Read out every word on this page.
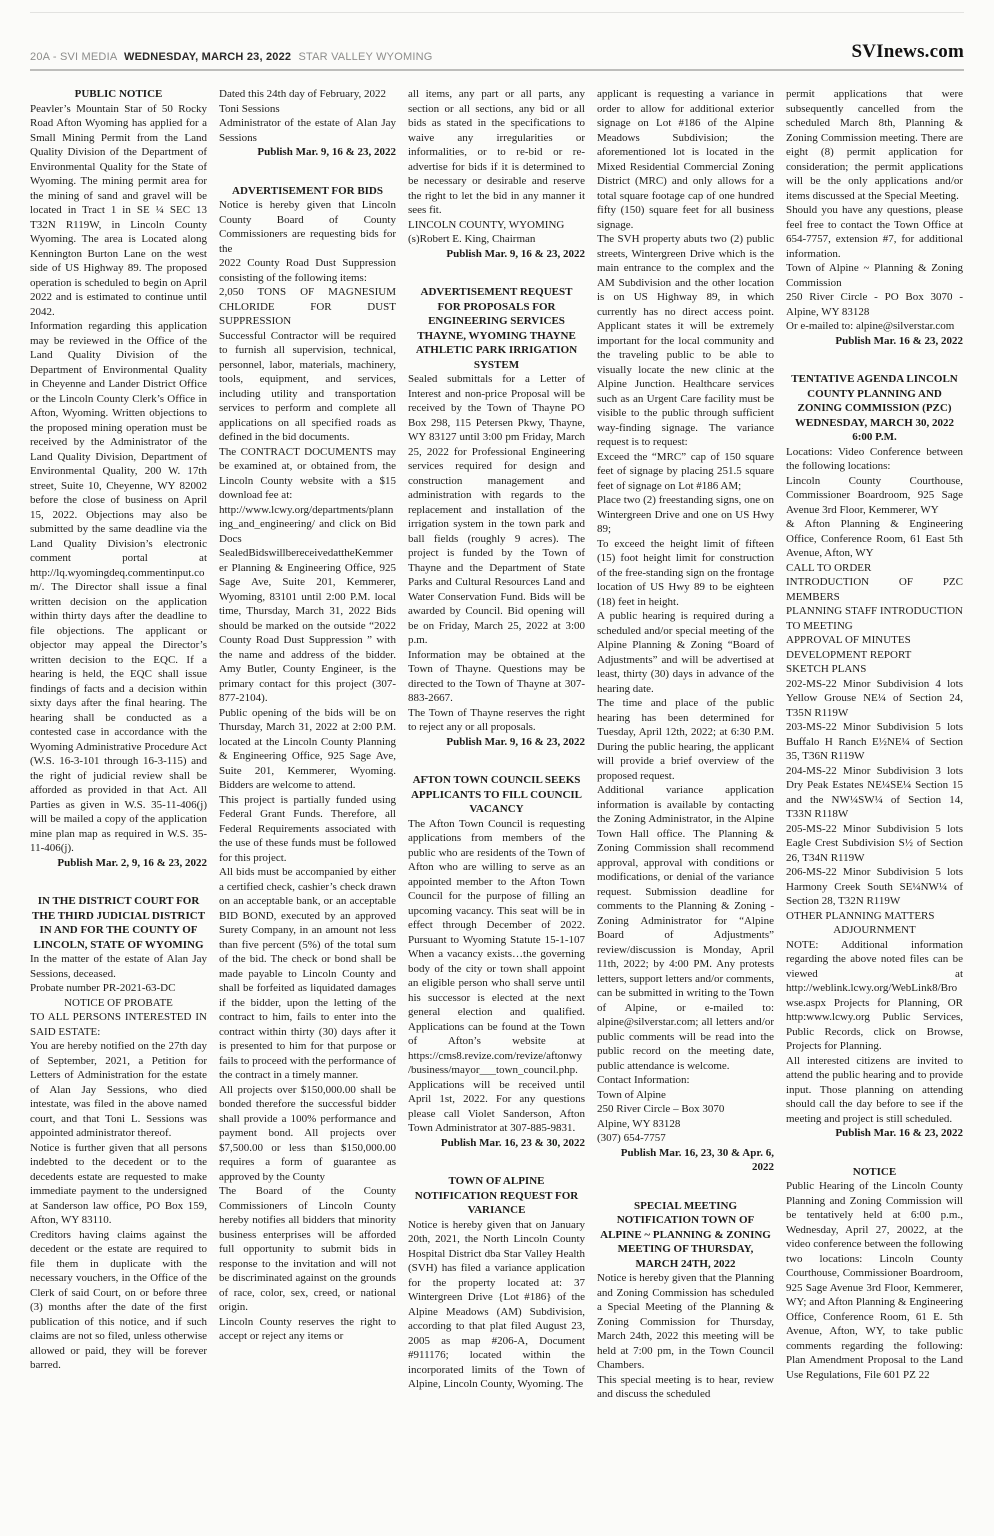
20A - SVI MEDIA WEDNESDAY, MARCH 23, 2022 STAR VALLEY WYOMING	SVInews.com

PUBLIC NOTICE

Peavler’s Mountain Star of 50 Rocky Road Afton Wyoming has applied for a Small Mining Permit from the Land Quality Division of the Department of Environmental Quality for the State of Wyoming. The mining permit area for the mining of sand and gravel will be located in Tract 1 in SE ¼ SEC 13 T32N R119W, in Lincoln County Wyoming. The area is Located along Kennington Burton Lane on the west side of US Highway 89. The proposed operation is scheduled to begin on April 2022 and is estimated to continue until 2042.

Information regarding this application may be reviewed in the Office of the Land Quality Division of the Department of Environmental Quality in Cheyenne and Lander District Office or the Lincoln County Clerk’s Office in Afton, Wyoming. Written objections to the proposed mining operation must be received by the Administrator of the Land Quality Division, Department of Environmental Quality, 200 W. 17th street, Suite 10, Cheyenne, WY 82002 before the close of business on April 15, 2022. Objections may also be submitted by the same deadline via the Land Quality Division’s electronic comment portal at http://lq.wyomingdeq.commentinput.com/. The Director shall issue a final written decision on the application within thirty days after the deadline to file objections. The applicant or objector may appeal the Director’s written decision to the EQC. If a hearing is held, the EQC shall issue findings of facts and a decision within sixty days after the final hearing. The hearing shall be conducted as a contested case in accordance with the Wyoming Administrative Procedure Act (W.S. 16-3-101 through 16-3-115) and the right of judicial review shall be afforded as provided in that Act. All Parties as given in W.S. 35-11-406(j) will be mailed a copy of the application mine plan map as required in W.S. 35-11-406(j).

Publish Mar. 2, 9, 16 & 23, 2022

IN THE DISTRICT COURT FOR THE THIRD JUDICIAL DISTRICT IN AND FOR THE COUNTY OF LINCOLN, STATE OF WYOMING

In the matter of the estate of Alan Jay Sessions, deceased.

Probate number PR-2021-63-DC

NOTICE OF PROBATE

TO ALL PERSONS INTERESTED IN SAID ESTATE:

You are hereby notified on the 27th day of September, 2021, a Petition for Letters of Administration for the estate of Alan Jay Sessions, who died intestate, was filed in the above named court, and that Toni L. Sessions was appointed administrator thereof.

Notice is further given that all persons indebted to the decedent or to the decedents estate are requested to make immediate payment to the undersigned at Sanderson law office, PO Box 159, Afton, WY 83110.

Creditors having claims against the decedent or the estate are required to file them in duplicate with the necessary vouchers, in the Office of the Clerk of said Court, on or before three (3) months after the date of the first publication of this notice, and if such claims are not so filed, unless otherwise allowed or paid, they will be forever barred.

Dated this 24th day of February, 2022

Toni Sessions

Administrator of the estate of Alan Jay Sessions

Publish Mar. 9, 16 & 23, 2022

ADVERTISEMENT FOR BIDS

Notice is hereby given that Lincoln County Board of County Commissioners are requesting bids for the

2022 County Road Dust Suppression consisting of the following items:

2,050 TONS OF MAGNESIUM CHLORIDE FOR DUST SUPPRESSION

Successful Contractor will be required to furnish all supervision, technical, personnel, labor, materials, machinery, tools, equipment, and services, including utility and transportation services to perform and complete all applications on all specified roads as defined in the bid documents.

The CONTRACT DOCUMENTS may be examined at, or obtained from, the Lincoln County website with a $15 download fee at:

http://www.lcwy.org/departments/planning_and_engineering/ and click on Bid Docs

SealedBidswillbereceivedattheKemmerer Planning & Engineering Office, 925 Sage Ave, Suite 201, Kemmerer, Wyoming, 83101 until 2:00 P.M. local time, Thursday, March 31, 2022 Bids should be marked on the outside “2022 County Road Dust Suppression ” with the name and address of the bidder. Amy Butler, County Engineer, is the primary contact for this project (307-877-2104).

Public opening of the bids will be on Thursday, March 31, 2022 at 2:00 P.M. located at the Lincoln County Planning & Engineering Office, 925 Sage Ave, Suite 201, Kemmerer, Wyoming. Bidders are welcome to attend.

This project is partially funded using Federal Grant Funds. Therefore, all Federal Requirements associated with the use of these funds must be followed for this project.

All bids must be accompanied by either a certified check, cashier’s check drawn on an acceptable bank, or an acceptable BID BOND, executed by an approved Surety Company, in an amount not less than five percent (5%) of the total sum of the bid. The check or bond shall be made payable to Lincoln County and shall be forfeited as liquidated damages if the bidder, upon the letting of the contract to him, fails to enter into the contract within thirty (30) days after it is presented to him for that purpose or fails to proceed with the performance of the contract in a timely manner.

All projects over $150,000.00 shall be bonded therefore the successful bidder shall provide a 100% performance and payment bond. All projects over $7,500.00 or less than $150,000.00 requires a form of guarantee as approved by the County

The Board of the County Commissioners of Lincoln County hereby notifies all bidders that minority business enterprises will be afforded full opportunity to submit bids in response to the invitation and will not be discriminated against on the grounds of race, color, sex, creed, or national origin.

Lincoln County reserves the right to accept or reject any items or

all items, any part or all parts, any section or all sections, any bid or all bids as stated in the specifications to waive any irregularities or informalities, or to re-bid or re-advertise for bids if it is determined to be necessary or desirable and reserve the right to let the bid in any manner it sees fit.

LINCOLN COUNTY, WYOMING

(s)Robert E. King, Chairman

Publish Mar. 9, 16 & 23, 2022

ADVERTISEMENT REQUEST FOR PROPOSALS FOR ENGINEERING SERVICES THAYNE, WYOMING THAYNE ATHLETIC PARK IRRIGATION SYSTEM

Sealed submittals for a Letter of Interest and non-price Proposal will be received by the Town of Thayne PO Box 298, 115 Petersen Pkwy, Thayne, WY 83127 until 3:00 pm Friday, March 25, 2022 for Professional Engineering services required for design and construction management and administration with regards to the replacement and installation of the irrigation system in the town park and ball fields (roughly 9 acres). The project is funded by the Town of Thayne and the Department of State Parks and Cultural Resources Land and Water Conservation Fund. Bids will be awarded by Council. Bid opening will be on Friday, March 25, 2022 at 3:00 p.m.

Information may be obtained at the Town of Thayne. Questions may be directed to the Town of Thayne at 307-883-2667.

The Town of Thayne reserves the right to reject any or all proposals.

Publish Mar. 9, 16 & 23, 2022

AFTON TOWN COUNCIL SEEKS APPLICANTS TO FILL COUNCIL VACANCY

The Afton Town Council is requesting applications from members of the public who are residents of the Town of Afton who are willing to serve as an appointed member to the Afton Town Council for the purpose of filling an upcoming vacancy. This seat will be in effect through December of 2022. Pursuant to Wyoming Statute 15-1-107 When a vacancy exists…the governing body of the city or town shall appoint an eligible person who shall serve until his successor is elected at the next general election and qualified. Applications can be found at the Town of Afton’s website at https://cms8.revize.com/revize/aftonwy/business/mayor___town_council.php.

Applications will be received until April 1st, 2022. For any questions please call Violet Sanderson, Afton Town Administrator at 307-885-9831.

Publish Mar. 16, 23 & 30, 2022

TOWN OF ALPINE NOTIFICATION REQUEST FOR VARIANCE

Notice is hereby given that on January 20th, 2021, the North Lincoln County Hospital District dba Star Valley Health (SVH) has filed a variance application for the property located at: 37 Wintergreen Drive {Lot #186} of the Alpine Meadows (AM) Subdivision, according to that plat filed August 23, 2005 as map #206-A, Document #911176; located within the incorporated limits of the Town of Alpine, Lincoln County, Wyoming. The

applicant is requesting a variance in order to allow for additional exterior signage on Lot #186 of the Alpine Meadows Subdivision; the aforementioned lot is located in the Mixed Residential Commercial Zoning District (MRC) and only allows for a total square footage cap of one hundred fifty (150) square feet for all business signage.

The SVH property abuts two (2) public streets, Wintergreen Drive which is the main entrance to the complex and the AM Subdivision and the other location is on US Highway 89, in which currently has no direct access point. Applicant states it will be extremely important for the local community and the traveling public to be able to visually locate the new clinic at the Alpine Junction. Healthcare services such as an Urgent Care facility must be visible to the public through sufficient way-finding signage. The variance request is to request:

Exceed the “MRC” cap of 150 square feet of signage by placing 251.5 square feet of signage on Lot #186 AM;

Place two (2) freestanding signs, one on Wintergreen Drive and one on US Hwy 89;

To exceed the height limit of fifteen (15) foot height limit for construction of the free-standing sign on the frontage location of US Hwy 89 to be eighteen (18) feet in height.

A public hearing is required during a scheduled and/or special meeting of the Alpine Planning & Zoning “Board of Adjustments” and will be advertised at least, thirty (30) days in advance of the hearing date.

The time and place of the public hearing has been determined for Tuesday, April 12th, 2022; at 6:30 P.M. During the public hearing, the applicant will provide a brief overview of the proposed request.

Additional variance application information is available by contacting the Zoning Administrator, in the Alpine Town Hall office. The Planning & Zoning Commission shall recommend approval, approval with conditions or modifications, or denial of the variance request. Submission deadline for comments to the Planning & Zoning - Zoning Administrator for “Alpine Board of Adjustments” review/discussion is Monday, April 11th, 2022; by 4:00 PM. Any protests letters, support letters and/or comments, can be submitted in writing to the Town of Alpine, or e-mailed to: alpine@silverstar.com; all letters and/or public comments will be read into the public record on the meeting date, public attendance is welcome.

Contact Information:

Town of Alpine

250 River Circle – Box 3070

Alpine, WY 83128

(307) 654-7757

Publish Mar. 16, 23, 30 & Apr. 6, 2022

SPECIAL MEETING NOTIFICATION TOWN OF ALPINE ~ PLANNING & ZONING MEETING OF THURSDAY, MARCH 24TH, 2022

Notice is hereby given that the Planning and Zoning Commission has scheduled a Special Meeting of the Planning & Zoning Commission for Thursday, March 24th, 2022 this meeting will be held at 7:00 pm, in the Town Council Chambers.

This special meeting is to hear, review and discuss the scheduled

permit applications that were subsequently cancelled from the scheduled March 8th, Planning & Zoning Commission meeting. There are eight (8) permit application for consideration; the permit applications will be the only applications and/or items discussed at the Special Meeting.

Should you have any questions, please feel free to contact the Town Office at 654-7757, extension #7, for additional information.

Town of Alpine ~ Planning & Zoning Commission

250 River Circle - PO Box 3070 - Alpine, WY 83128

Or e-mailed to: alpine@silverstar.com

Publish Mar. 16 & 23, 2022

TENTATIVE AGENDA LINCOLN COUNTY PLANNING AND ZONING COMMISSION (PZC) WEDNESDAY, MARCH 30, 2022 6:00 P.M.

Locations: Video Conference between the following locations:

Lincoln County Courthouse, Commissioner Boardroom, 925 Sage Avenue 3rd Floor, Kemmerer, WY

& Afton Planning & Engineering Office, Conference Room, 61 East 5th Avenue, Afton, WY

CALL TO ORDER

INTRODUCTION OF PZC MEMBERS

PLANNING STAFF INTRODUCTION TO MEETING

APPROVAL OF MINUTES

DEVELOPMENT REPORT

SKETCH PLANS

202-MS-22 Minor Subdivision 4 lots Yellow Grouse NE¼ of Section 24, T35N R119W

203-MS-22 Minor Subdivision 5 lots Buffalo H Ranch E½NE¼ of Section 35, T36N R119W

204-MS-22 Minor Subdivision 3 lots Dry Peak Estates NE¼SE¼ Section 15 and the NW¼SW¼ of Section 14, T33N R118W

205-MS-22 Minor Subdivision 5 lots Eagle Crest Subdivision S½ of Section 26, T34N R119W

206-MS-22 Minor Subdivision 5 lots Harmony Creek South SE¼NW¼ of Section 28, T32N R119W

OTHER PLANNING MATTERS

ADJOURNMENT

NOTE: Additional information regarding the above noted files can be viewed at http://weblink.lcwy.org/WebLink8/Browse.aspx Projects for Planning, OR http:www.lcwy.org Public Services, Public Records, click on Browse, Projects for Planning.

All interested citizens are invited to attend the public hearing and to provide input. Those planning on attending should call the day before to see if the meeting and project is still scheduled.

Publish Mar. 16 & 23, 2022

NOTICE

Public Hearing of the Lincoln County Planning and Zoning Commission will be tentatively held at 6:00 p.m., Wednesday, April 27, 20022, at the video conference between the following two locations: Lincoln County Courthouse, Commissioner Boardroom, 925 Sage Avenue 3rd Floor, Kemmerer, WY; and Afton Planning & Engineering Office, Conference Room, 61 E. 5th Avenue, Afton, WY, to take public comments regarding the following: Plan Amendment Proposal to the Land Use Regulations, File 601 PZ 22
